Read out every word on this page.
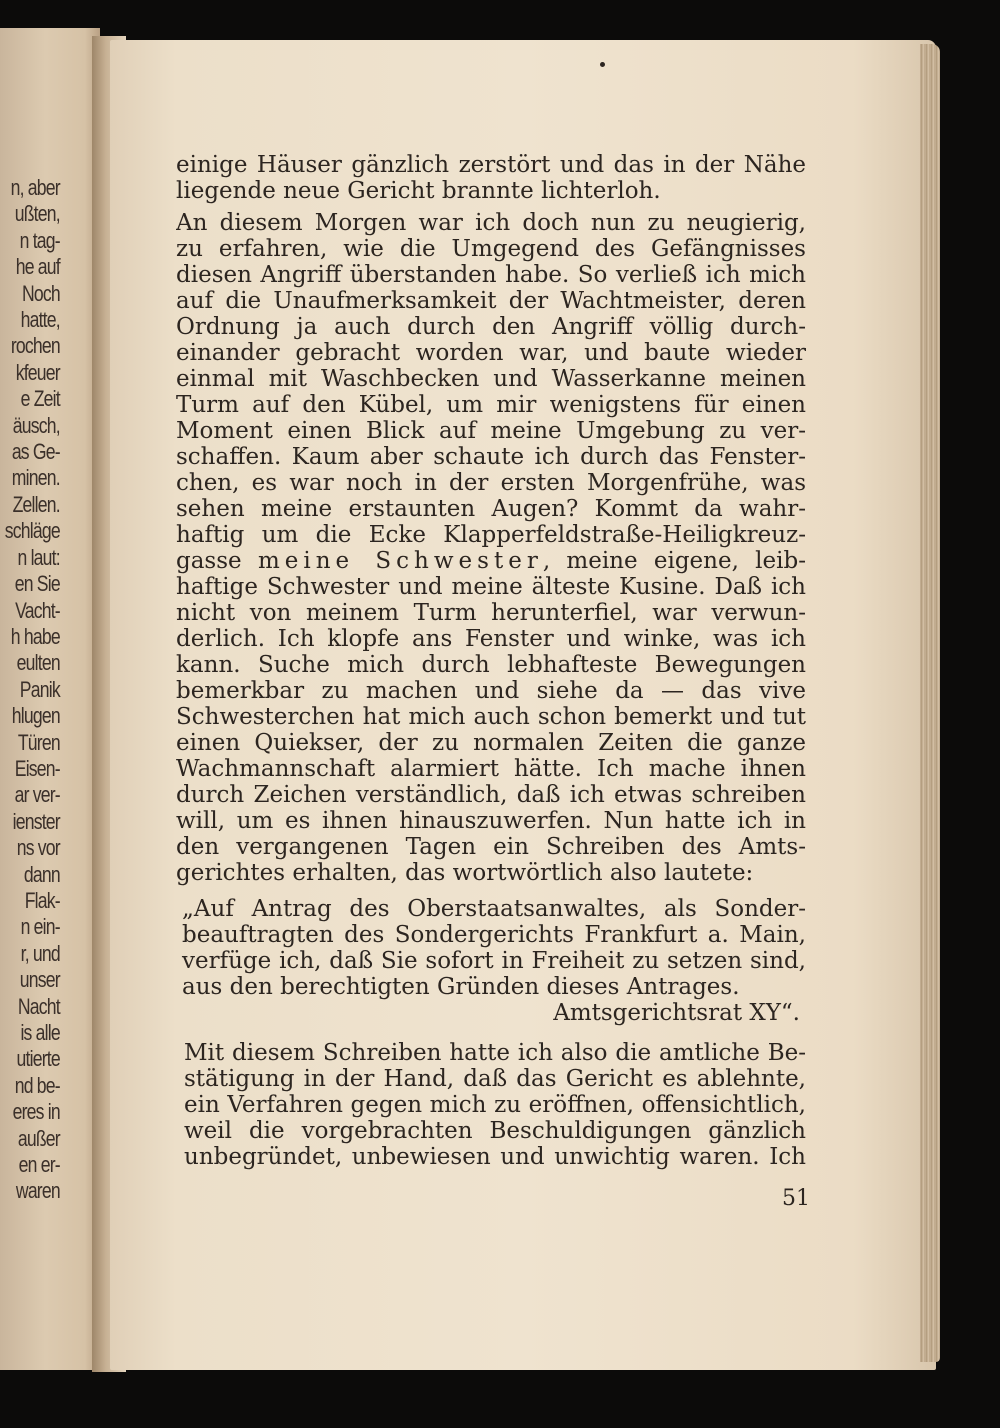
n, aber
ußten,
n tag-
he auf
Noch
hatte,
rochen
kfeuer
e Zeit
äusch,
as Ge-
minen.
Zellen.
schläge
n laut:
en Sie
Vacht-
h habe
eulten
Panik
hlugen
Türen
Eisen-
ar ver-
ienster
ns vor
dann
Flak-
n ein-
r, und
unser
Nacht
is alle
utierte
nd be-
eres in
außer
en er-
waren

einige Häuser gänzlich zerstört und das in der Nähe

liegende neue Gericht brannte lichterloh.

An diesem Morgen war ich doch nun zu neugierig,

zu erfahren, wie die Umgegend des Gefängnisses

diesen Angriff überstanden habe. So verließ ich mich

auf die Unaufmerksamkeit der Wachtmeister, deren

Ordnung ja auch durch den Angriff völlig durch-

einander gebracht worden war, und baute wieder

einmal mit Waschbecken und Wasserkanne meinen

Turm auf den Kübel, um mir wenigstens für einen

Moment einen Blick auf meine Umgebung zu ver-

schaffen. Kaum aber schaute ich durch das Fenster-

chen, es war noch in der ersten Morgenfrühe, was

sehen meine erstaunten Augen? Kommt da wahr-

haftig um die Ecke Klapperfeldstraße-Heiligkreuz-

gasse meine Schwester, meine eigene, leib-

haftige Schwester und meine älteste Kusine. Daß ich

nicht von meinem Turm herunterfiel, war verwun-

derlich. Ich klopfe ans Fenster und winke, was ich

kann. Suche mich durch lebhafteste Bewegungen

bemerkbar zu machen und siehe da — das vive

Schwesterchen hat mich auch schon bemerkt und tut

einen Quiekser, der zu normalen Zeiten die ganze

Wachmannschaft alarmiert hätte. Ich mache ihnen

durch Zeichen verständlich, daß ich etwas schreiben

will, um es ihnen hinauszuwerfen. Nun hatte ich in

den vergangenen Tagen ein Schreiben des Amts-

gerichtes erhalten, das wortwörtlich also lautete:

„Auf Antrag des Oberstaatsanwaltes, als Sonder-

beauftragten des Sondergerichts Frankfurt a. Main,

verfüge ich, daß Sie sofort in Freiheit zu setzen sind,

aus den berechtigten Gründen dieses Antrages.

Amtsgerichtsrat XY“.

Mit diesem Schreiben hatte ich also die amtliche Be-

stätigung in der Hand, daß das Gericht es ablehnte,

ein Verfahren gegen mich zu eröffnen, offensichtlich,

weil die vorgebrachten Beschuldigungen gänzlich

unbegründet, unbewiesen und unwichtig waren. Ich

51
